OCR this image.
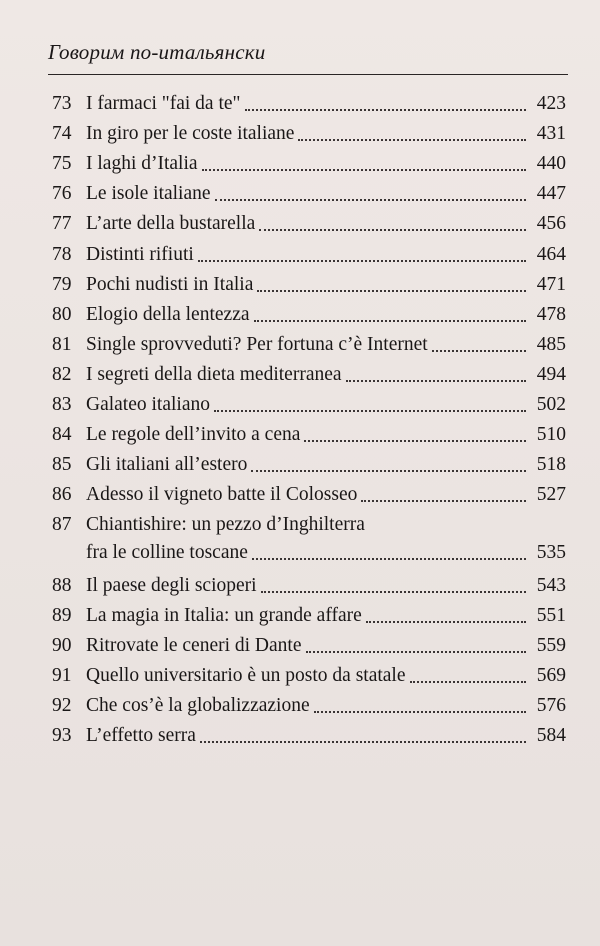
Говорим по-итальянски
73 I farmaci "fai da te"	423
74 In giro per le coste italiane	431
75 I laghi d’Italia	440
76 Le isole italiane	447
77 L’arte della bustarella	456
78 Distinti rifiuti	464
79 Pochi nudisti in Italia	471
80 Elogio della lentezza	478
81 Single sprovveduti? Per fortuna c’è Internet	485
82 I segreti della dieta mediterranea	494
83 Galateo italiano	502
84 Le regole dell’invito a cena	510
85 Gli italiani all’estero	518
86 Adesso il vigneto batte il Colosseo	527
87 Chiantishire: un pezzo d’Inghilterra
fra le colline toscane	535
88 Il paese degli scioperi	543
89 La magia in Italia: un grande affare	551
90 Ritrovate le ceneri di Dante	559
91 Quello universitario è un posto da statale	569
92 Che cos’è la globalizzazione	576
93 L’effetto serra	584
